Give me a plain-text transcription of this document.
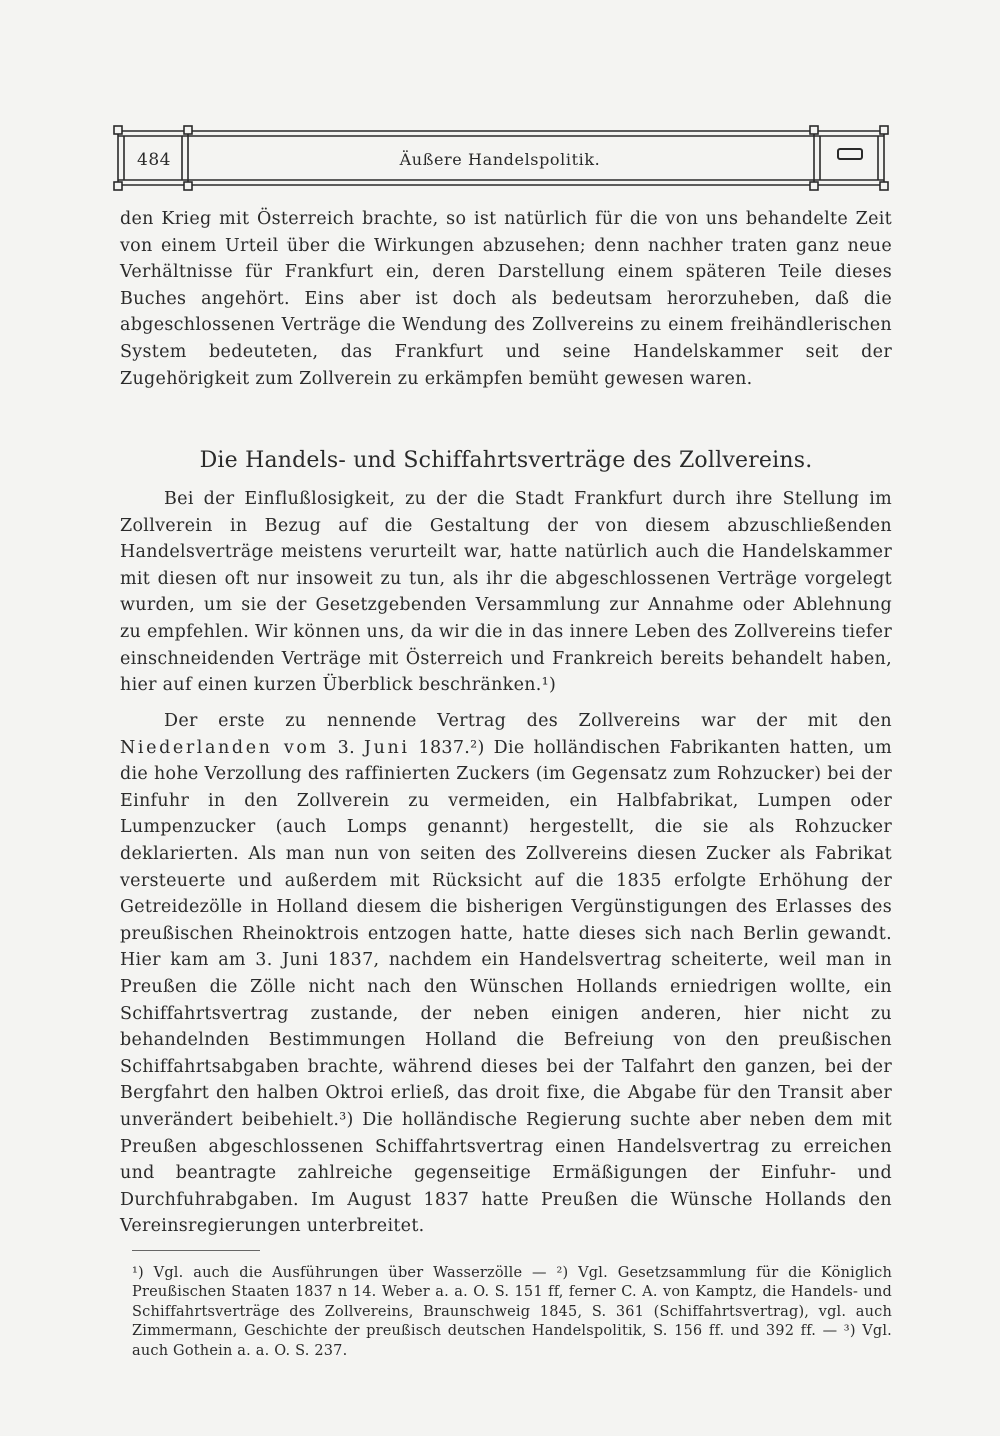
484	Äußere Handelspolitik.
den Krieg mit Österreich brachte, so ist natürlich für die von uns behandelte Zeit von einem Urteil über die Wirkungen abzusehen; denn nachher traten ganz neue Verhältnisse für Frankfurt ein, deren Darstellung einem späteren Teile dieses Buches angehört. Eins aber ist doch als bedeutsam herorzuheben, daß die abgeschlossenen Verträge die Wendung des Zollvereins zu einem freihändlerischen System bedeuteten, das Frankfurt und seine Handelskammer seit der Zugehörigkeit zum Zollverein zu erkämpfen bemüht gewesen waren.
Die Handels- und Schiffahrtsverträge des Zollvereins.
Bei der Einflußlosigkeit, zu der die Stadt Frankfurt durch ihre Stellung im Zollverein in Bezug auf die Gestaltung der von diesem abzuschließenden Handelsverträge meistens verurteilt war, hatte natürlich auch die Handelskammer mit diesen oft nur insoweit zu tun, als ihr die abgeschlossenen Verträge vorgelegt wurden, um sie der Gesetzgebenden Versammlung zur Annahme oder Ablehnung zu empfehlen. Wir können uns, da wir die in das innere Leben des Zollvereins tiefer einschneidenden Verträge mit Österreich und Frankreich bereits behandelt haben, hier auf einen kurzen Überblick beschränken.¹)
Der erste zu nennende Vertrag des Zollvereins war der mit den Niederlanden vom 3. Juni 1837.²) Die holländischen Fabrikanten hatten, um die hohe Verzollung des raffinierten Zuckers (im Gegensatz zum Rohzucker) bei der Einfuhr in den Zollverein zu vermeiden, ein Halbfabrikat, Lumpen oder Lumpenzucker (auch Lomps genannt) hergestellt, die sie als Rohzucker deklarierten. Als man nun von seiten des Zollvereins diesen Zucker als Fabrikat versteuerte und außerdem mit Rücksicht auf die 1835 erfolgte Erhöhung der Getreidezölle in Holland diesem die bisherigen Vergünstigungen des Erlasses des preußischen Rheinoktrois entzogen hatte, hatte dieses sich nach Berlin gewandt. Hier kam am 3. Juni 1837, nachdem ein Handelsvertrag scheiterte, weil man in Preußen die Zölle nicht nach den Wünschen Hollands erniedrigen wollte, ein Schiffahrtsvertrag zustande, der neben einigen anderen, hier nicht zu behandelnden Bestimmungen Holland die Befreiung von den preußischen Schiffahrtsabgaben brachte, während dieses bei der Talfahrt den ganzen, bei der Bergfahrt den halben Oktroi erließ, das droit fixe, die Abgabe für den Transit aber unverändert beibehielt.³) Die holländische Regierung suchte aber neben dem mit Preußen abgeschlossenen Schiffahrtsvertrag einen Handelsvertrag zu erreichen und beantragte zahlreiche gegenseitige Ermäßigungen der Einfuhr- und Durchfuhrabgaben. Im August 1837 hatte Preußen die Wünsche Hollands den Vereinsregierungen unterbreitet.
¹) Vgl. auch die Ausführungen über Wasserzölle — ²) Vgl. Gesetzsammlung für die Königlich Preußischen Staaten 1837 n 14. Weber a. a. O. S. 151 ff, ferner C. A. von Kamptz, die Handels- und Schiffahrtsverträge des Zollvereins, Braunschweig 1845, S. 361 (Schiffahrtsvertrag), vgl. auch Zimmermann, Geschichte der preußisch deutschen Handelspolitik, S. 156 ff. und 392 ff. — ³) Vgl. auch Gothein a. a. O. S. 237.
